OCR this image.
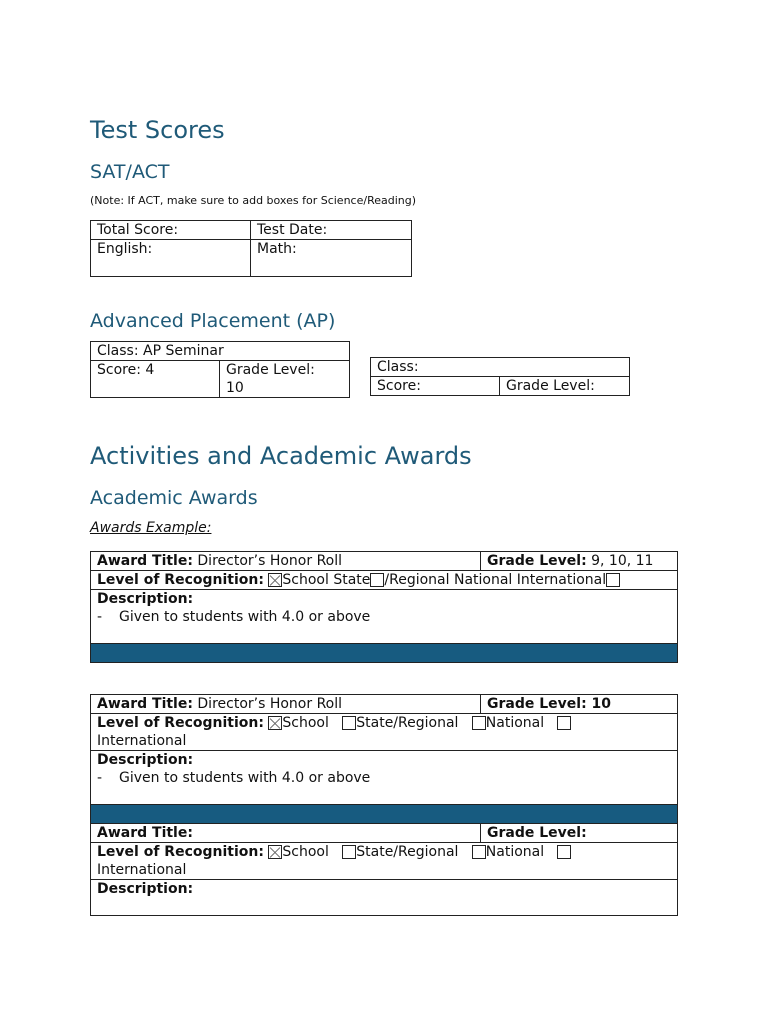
Test Scores
SAT/ACT
(Note: If ACT, make sure to add boxes for Science/Reading)
Total Score:	Test Date:
English:	Math:
Advanced Placement (AP)
Class: AP Seminar
Score: 4	Grade Level:
10
Class:
Score:	Grade Level:
Activities and Academic Awards
Academic Awards
Awards Example:
Award Title: Director’s Honor Roll	Grade Level: 9, 10, 11
Level of Recognition: School State /Regional National International

Description:
- Given to students with 4.0 or above

Award Title: Director’s Honor Roll	Grade Level: 10

Level of Recognition: School State/Regional National
International	

Description:
- Given to students with 4.0 or above	

Award Title:	Grade Level:

Level of Recognition: School State/Regional National
International	

Description:	
